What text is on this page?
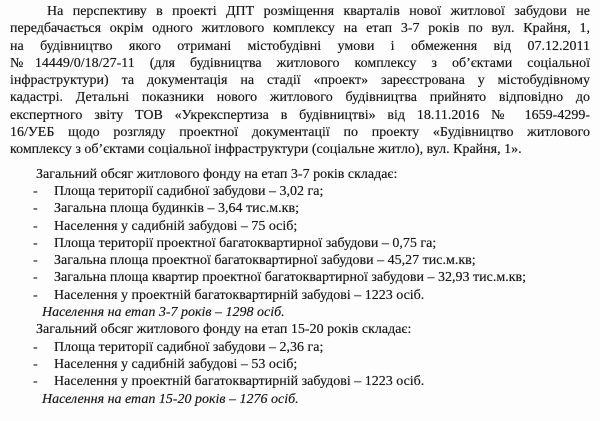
На перспективу в проекті ДПТ розміщення кварталів нової житлової забудови не
передбачається окрім одного житлового комплексу на етап 3-7 років по вул. Крайня, 1,
на будівництво якого отримані містобудівні умови і обмеження від 07.12.2011
№14449/0/18/27-11 (для будівництва житлового комплексу з об’єктами соціальної
інфраструктури) та документація на стадії «проект» зареєстрована у містобудівному
кадастрі. Детальні показники нового житлового будівництва прийнято відповідно до
експертного звіту ТОВ «Укрекспертиза в будівництві» від 18.11.2016 № 1659-4299-
16/УЕБ щодо розгляду проектної документації по проекту «Будівництво житлового
комплексу з об’єктами соціальної інфраструктури (соціальне житло), вул. Крайня, 1».

Загальний обсяг житлового фонду на етап 3-7 років складає:

-	Площа території садибної забудови – 3,02 га;
-	Загальна площа будинків – 3,64 тис.м.кв;
-	Населення у садибній забудові – 75 осіб;
-	Площа території проектної багатоквартирної забудови – 0,75 га;
-	Загальна площа проектної багатоквартирної забудови – 45,27 тис.м.кв;
-	Загальна площа квартир проектної багатоквартирної забудови – 32,93 тис.м.кв;
-	Населення у проектній багатоквартирній забудові – 1223 осіб.

Населення на етап 3-7 років – 1298 осіб.

Загальний обсяг житлового фонду на етап 15-20 років складає:

-	Площа території садибної забудови – 2,36 га;
-	Населення у садибній забудові – 53 осіб;
-	Населення у проектній багатоквартирній забудові – 1223 осіб.

Населення на етап 15-20 років – 1276 осіб.
